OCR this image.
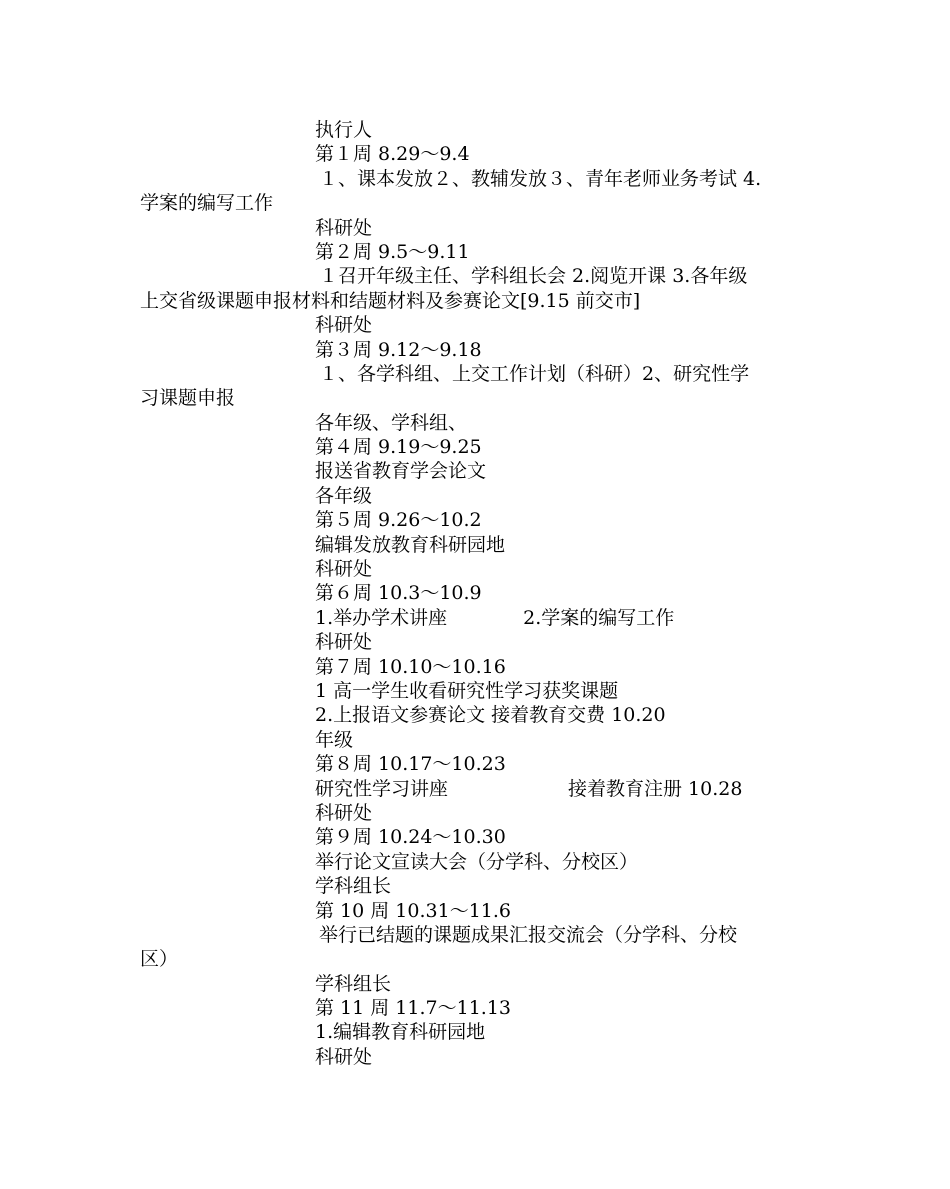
执行人
第１周 8.29～9.4
１、课本发放２、教辅发放３、青年老师业务考试 4.
学案的编写工作
科研处
第２周 9.5～9.11
１召开年级主任、学科组长会 2.阅览开课 3.各年级
上交省级课题申报材料和结题材料及参赛论文[9.15 前交市]
科研处
第３周 9.12～9.18
１、各学科组、上交工作计划（科研）2、研究性学
习课题申报
各年级、学科组、
第４周 9.19～9.25
报送省教育学会论文
各年级
第５周 9.26～10.2
编辑发放教育科研园地
科研处
第６周 10.3～10.9
1.举办学术讲座	2.学案的编写工作
科研处
第７周 10.10～10.16
1 高一学生收看研究性学习获奖课题
2.上报语文参赛论文 接着教育交费 10.20
年级
第８周 10.17～10.23
研究性学习讲座	接着教育注册 10.28
科研处
第９周 10.24～10.30
举行论文宣读大会（分学科、分校区）
学科组长
第 10 周 10.31～11.6
举行已结题的课题成果汇报交流会（分学科、分校
区）
学科组长
第 11 周 11.7～11.13
1.编辑教育科研园地
科研处
